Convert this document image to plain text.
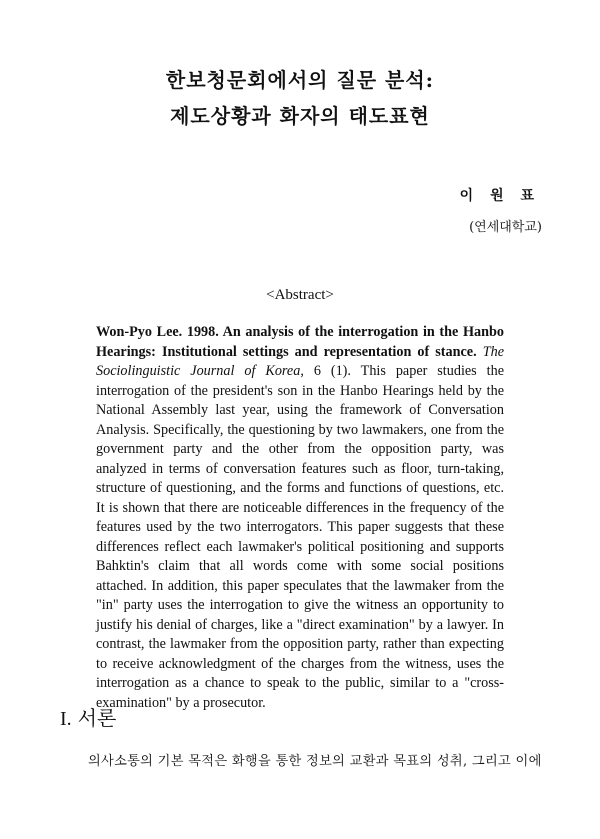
한보청문회에서의 질문 분석:
제도상황과 화자의 태도표현
이 원 표
(연세대학교)
<Abstract>
Won-Pyo Lee. 1998. An analysis of the interrogation in the Hanbo Hearings: Institutional settings and representation of stance. The Sociolinguistic Journal of Korea, 6 (1). This paper studies the interrogation of the president's son in the Hanbo Hearings held by the National Assembly last year, using the framework of Conversation Analysis. Specifically, the questioning by two lawmakers, one from the government party and the other from the opposition party, was analyzed in terms of conversation features such as floor, turn-taking, structure of questioning, and the forms and functions of questions, etc. It is shown that there are noticeable differences in the frequency of the features used by the two interrogators. This paper suggests that these differences reflect each lawmaker's political positioning and supports Bahktin's claim that all words come with some social positions attached. In addition, this paper speculates that the lawmaker from the "in" party uses the interrogation to give the witness an opportunity to justify his denial of charges, like a "direct examination" by a lawyer. In contrast, the lawmaker from the opposition party, rather than expecting to receive acknowledgment of the charges from the witness, uses the interrogation as a chance to speak to the public, similar to a "cross-examination" by a prosecutor.
I. 서론
의사소통의 기본 목적은 화행을 통한 정보의 교환과 목표의 성취, 그리고 이에
